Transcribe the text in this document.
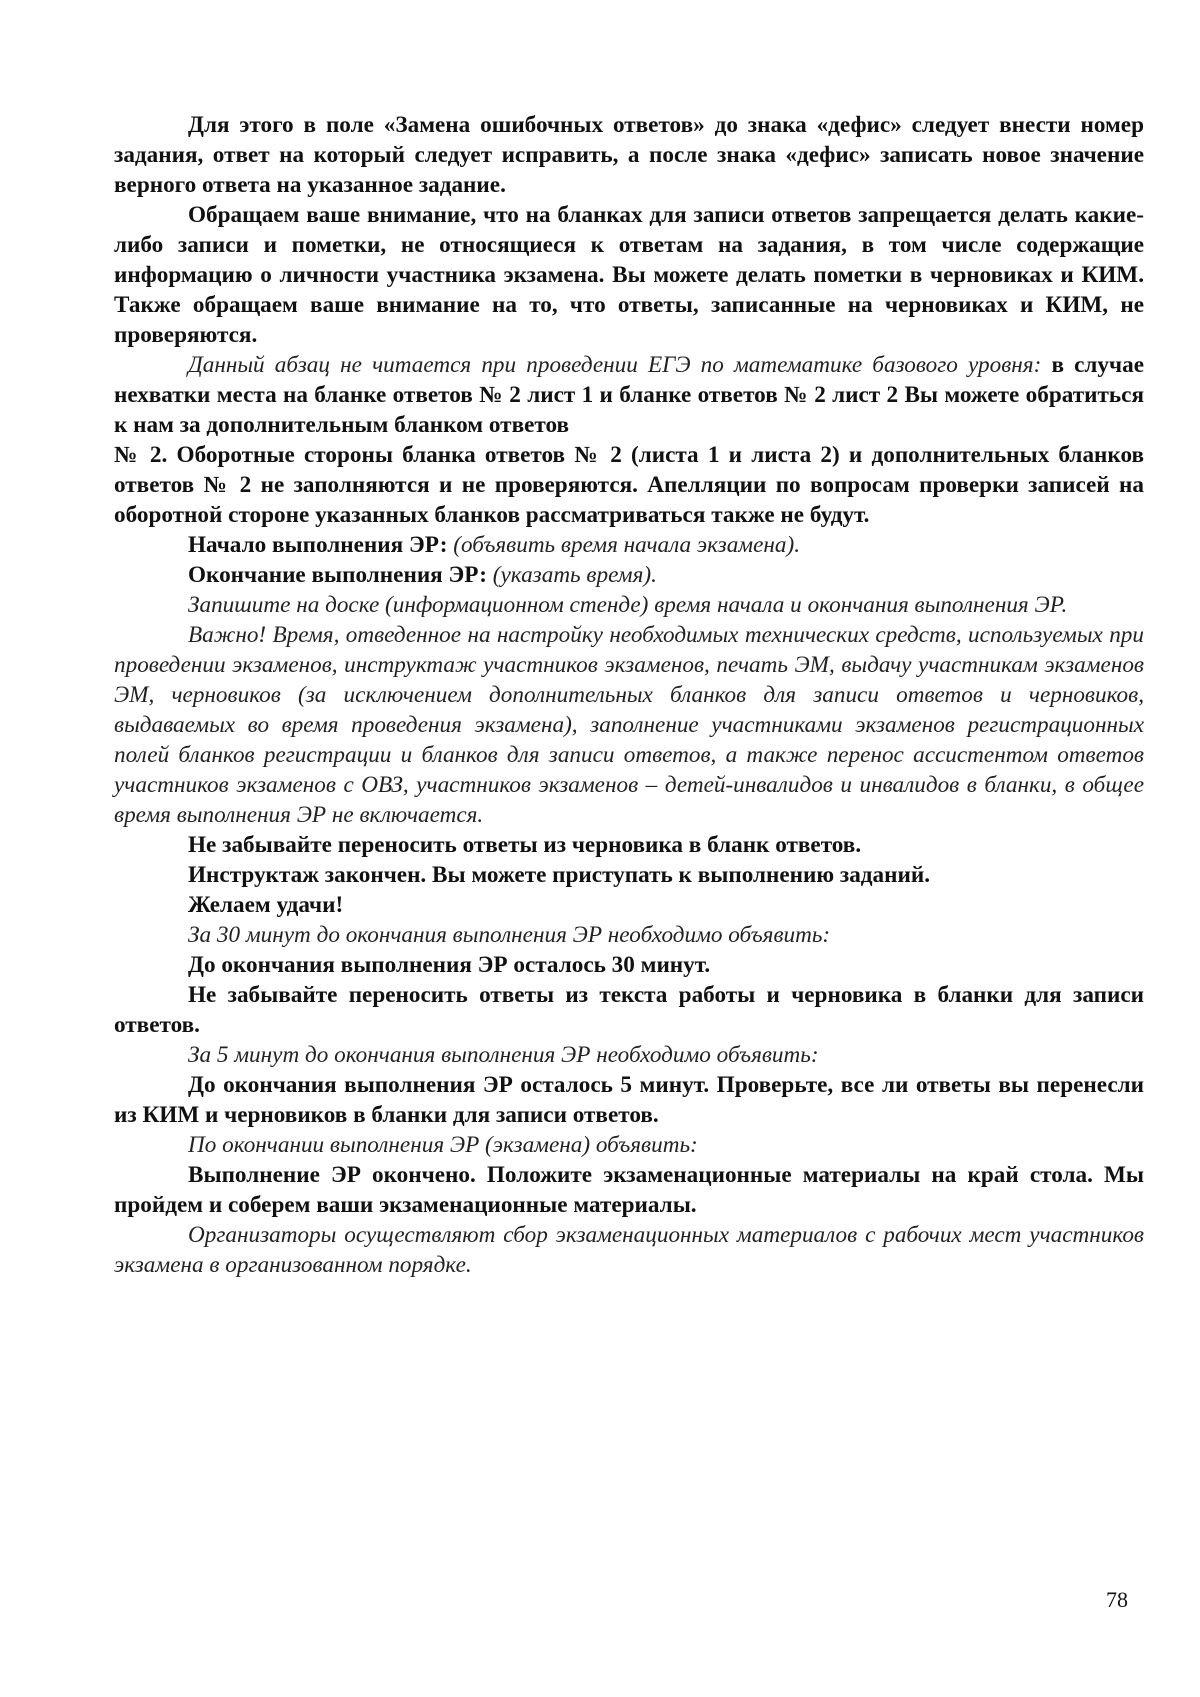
Для этого в поле «Замена ошибочных ответов» до знака «дефис» следует внести номер задания, ответ на который следует исправить, а после знака «дефис» записать новое значение верного ответа на указанное задание.

Обращаем ваше внимание, что на бланках для записи ответов запрещается делать какие-либо записи и пометки, не относящиеся к ответам на задания, в том числе содержащие информацию о личности участника экзамена. Вы можете делать пометки в черновиках и КИМ. Также обращаем ваше внимание на то, что ответы, записанные на черновиках и КИМ, не проверяются.

Данный абзац не читается при проведении ЕГЭ по математике базового уровня: в случае нехватки места на бланке ответов № 2 лист 1 и бланке ответов № 2 лист 2 Вы можете обратиться к нам за дополнительным бланком ответов

№ 2. Оборотные стороны бланка ответов № 2 (листа 1 и листа 2) и дополнительных бланков ответов № 2 не заполняются и не проверяются. Апелляции по вопросам проверки записей на оборотной стороне указанных бланков рассматриваться также не будут.

Начало выполнения ЭР: (объявить время начала экзамена).

Окончание выполнения ЭР: (указать время).

Запишите на доске (информационном стенде) время начала и окончания выполнения ЭР.

Важно! Время, отведенное на настройку необходимых технических средств, используемых при проведении экзаменов, инструктаж участников экзаменов, печать ЭМ, выдачу участникам экзаменов ЭМ, черновиков (за исключением дополнительных бланков для записи ответов и черновиков, выдаваемых во время проведения экзамена), заполнение участниками экзаменов регистрационных полей бланков регистрации и бланков для записи ответов, а также перенос ассистентом ответов участников экзаменов с ОВЗ, участников экзаменов – детей-инвалидов и инвалидов в бланки, в общее время выполнения ЭР не включается.

Не забывайте переносить ответы из черновика в бланк ответов.

Инструктаж закончен. Вы можете приступать к выполнению заданий.

Желаем удачи!

За 30 минут до окончания выполнения ЭР необходимо объявить:

До окончания выполнения ЭР осталось 30 минут.

Не забывайте переносить ответы из текста работы и черновика в бланки для записи ответов.

За 5 минут до окончания выполнения ЭР необходимо объявить:

До окончания выполнения ЭР осталось 5 минут. Проверьте, все ли ответы вы перенесли из КИМ и черновиков в бланки для записи ответов.

По окончании выполнения ЭР (экзамена) объявить:

Выполнение ЭР окончено. Положите экзаменационные материалы на край стола. Мы пройдем и соберем ваши экзаменационные материалы.

Организаторы осуществляют сбор экзаменационных материалов с рабочих мест участников экзамена в организованном порядке.

78
